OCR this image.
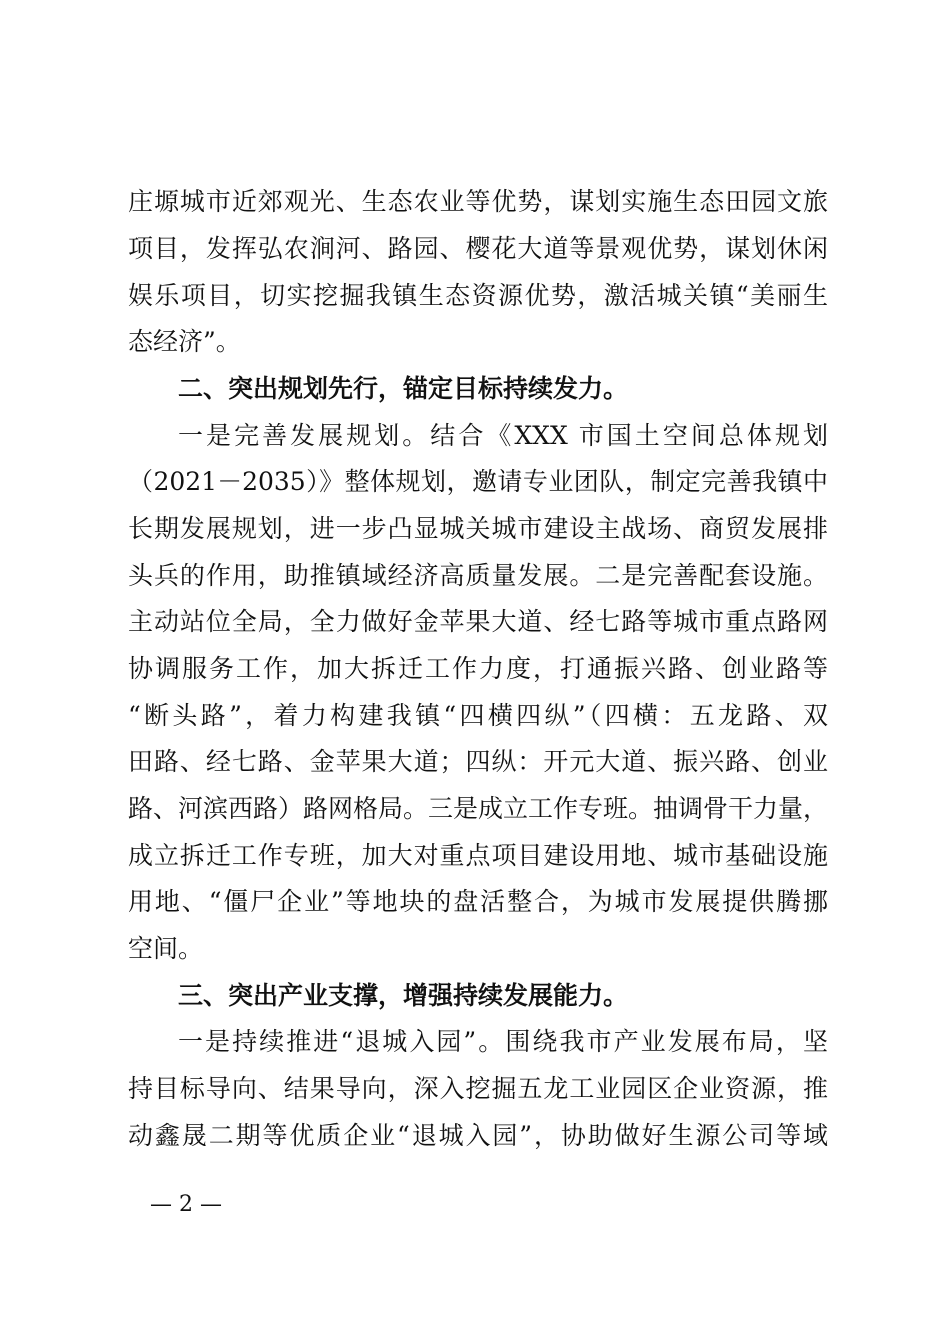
庄塬城市近郊观光、生态农业等优势，谋划实施生态田园文旅
项目，发挥弘农涧河、路园、樱花大道等景观优势，谋划休闲
娱乐项目，切实挖掘我镇生态资源优势，激活城关镇“美丽生
态经济”。
二、突出规划先行，锚定目标持续发力。
一是完善发展规划。结合《XXX 市国土空间总体规划
（2021－2035）》整体规划，邀请专业团队，制定完善我镇中
长期发展规划，进一步凸显城关城市建设主战场、商贸发展排
头兵的作用，助推镇域经济高质量发展。二是完善配套设施。
主动站位全局，全力做好金苹果大道、经七路等城市重点路网
协调服务工作，加大拆迁工作力度，打通振兴路、创业路等
“断头路”，着力构建我镇“四横四纵”（四横：五龙路、双
田路、经七路、金苹果大道；四纵：开元大道、振兴路、创业
路、河滨西路）路网格局。三是成立工作专班。抽调骨干力量，
成立拆迁工作专班，加大对重点项目建设用地、城市基础设施
用地、“僵尸企业”等地块的盘活整合，为城市发展提供腾挪
空间。
三、突出产业支撑，增强持续发展能力。
一是持续推进“退城入园”。围绕我市产业发展布局，坚
持目标导向、结果导向，深入挖掘五龙工业园区企业资源，推
动鑫晟二期等优质企业“退城入园”，协助做好生源公司等域
— 2 —
